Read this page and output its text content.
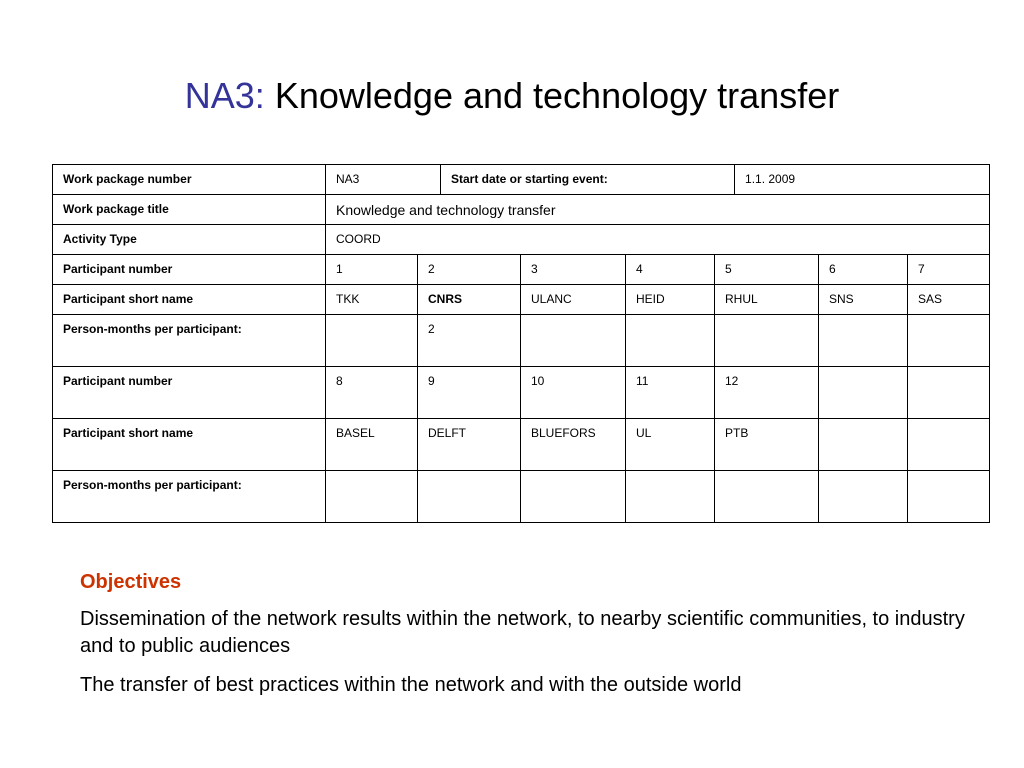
NA3: Knowledge and technology transfer
Work package number	NA3		Start date or starting event:				1.1. 2009		
Work package title	Knowledge and technology transfer								
Activity Type	COORD								
Participant number	1	2		3	4	5		6	7
Participant short name	TKK	CNRS		ULANC	HEID	RHUL		SNS	SAS
Person-months per participant:		2							
Participant number	8	9		10	11	12			
Participant short name	BASEL	DELFT		BLUEFORS	UL	PTB			
Person-months per participant:									
Objectives

Dissemination of the network results within the network, to nearby scientific communities, to industry and to public audiences

The transfer of best practices within the network and with the outside world
